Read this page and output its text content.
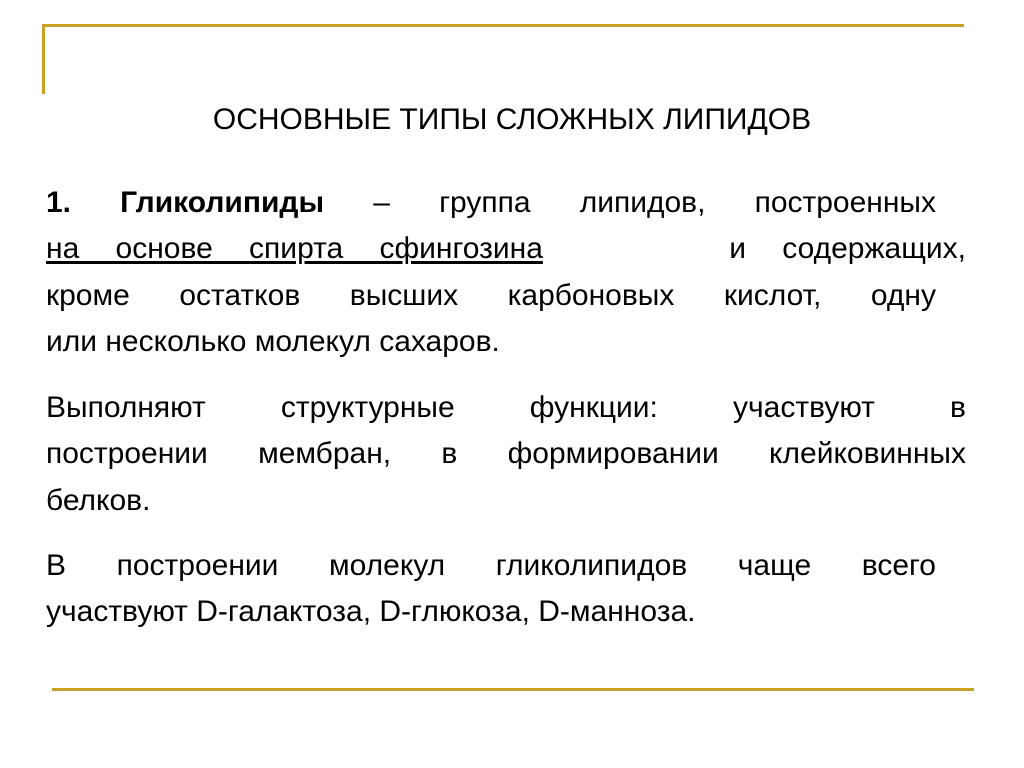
ОСНОВНЫЕ ТИПЫ СЛОЖНЫХ ЛИПИДОВ
1. Гликолипиды – группа липидов, построенных
на основе спирта сфингозина	и содержащих,
кроме остатков высших карбоновых кислот, одну
или несколько молекул сахаров.
Выполняют структурные функции: участвуют в
построении мембран, в формировании клейковинных
белков.
В построении молекул гликолипидов чаще всего
участвуют D-галактоза, D-глюкоза, D-манноза.
